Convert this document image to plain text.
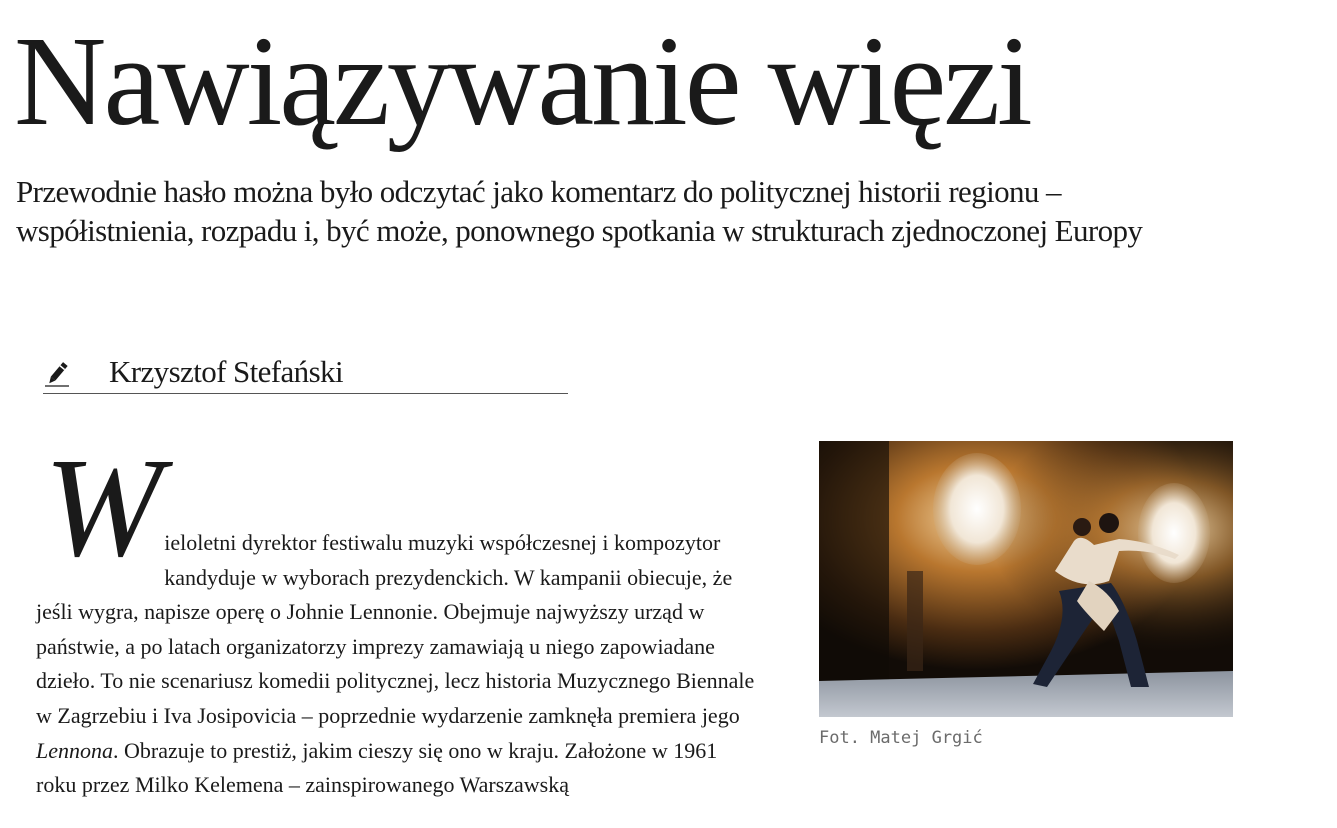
Nawiązywanie więzi

Przewodnie hasło można było odczytać jako komentarz do politycznej historii regionu – współistnienia, rozpadu i, być może, ponownego spotkania w strukturach zjednoczonej Europy

Krzysztof Stefański
W ieloletni dyrektor festiwalu muzyki współczesnej i kompozytor kandyduje w wyborach prezydenckich. W kampanii obiecuje, że jeśli wygra, napisze operę o Johnie Lennonie. Obejmuje najwyższy urząd w państwie, a po latach organizatorzy imprezy zamawiają u niego zapowiadane dzieło. To nie scenariusz komedii politycznej, lecz historia Muzycznego Biennale w Zagrzebiu i Iva Josipovicia – poprzednie wydarzenie zamknęła premiera jego Lennona. Obrazuje to prestiż, jakim cieszy się ono w kraju. Założone w 1961 roku przez Milko Kelemena – zainspirowanego Warszawską

Fot. Matej Grgić
